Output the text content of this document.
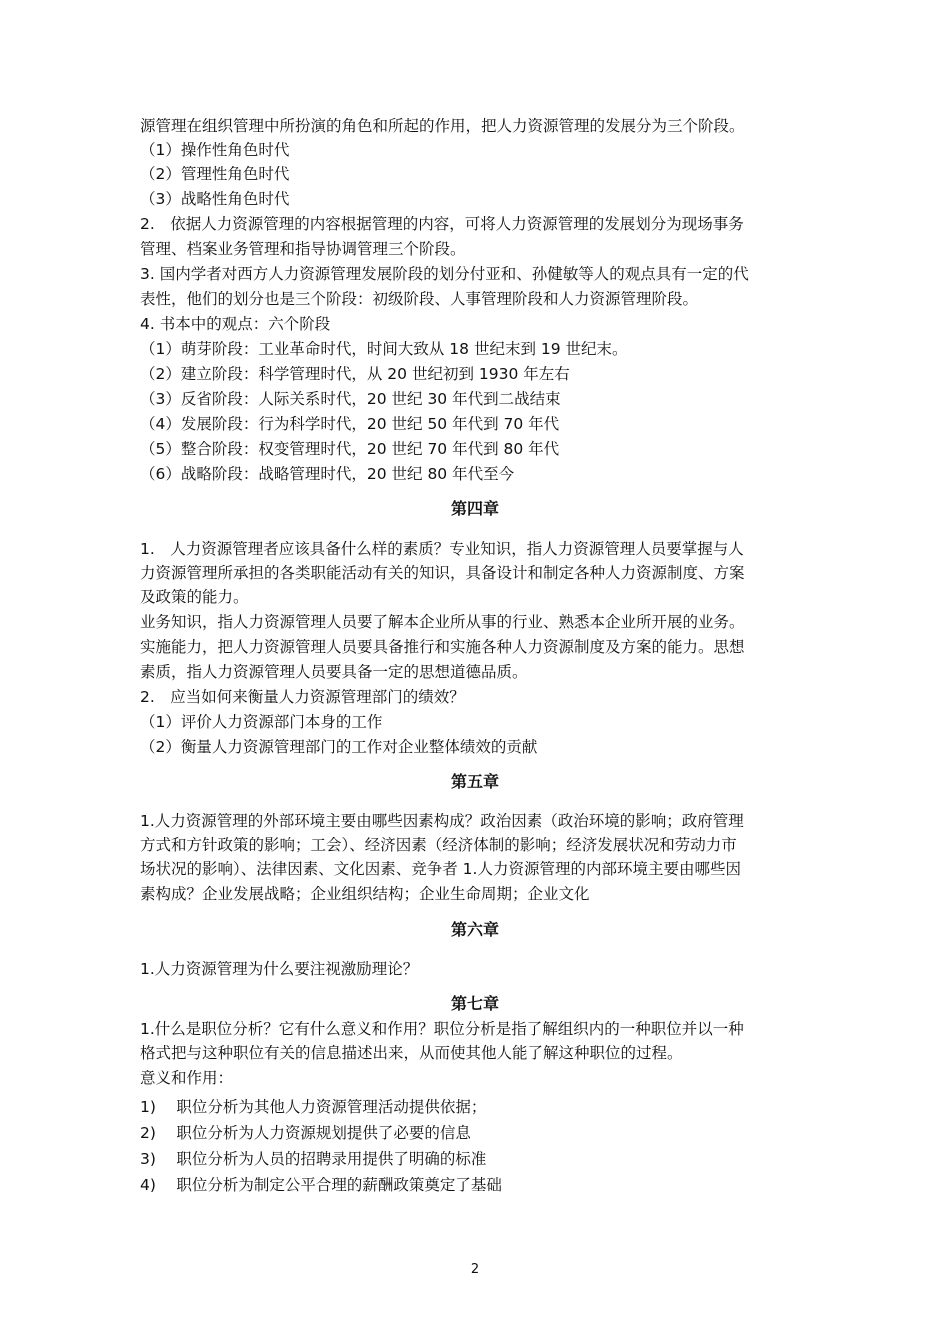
源管理在组织管理中所扮演的角色和所起的作用，把人力资源管理的发展分为三个阶段。
（1）操作性角色时代
（2）管理性角色时代
（3）战略性角色时代
2.　依据人力资源管理的内容根据管理的内容，可将人力资源管理的发展划分为现场事务
管理、档案业务管理和指导协调管理三个阶段。
3. 国内学者对西方人力资源管理发展阶段的划分付亚和、孙健敏等人的观点具有一定的代
表性，他们的划分也是三个阶段：初级阶段、人事管理阶段和人力资源管理阶段。
4. 书本中的观点：六个阶段
（1）萌芽阶段：工业革命时代，时间大致从 18 世纪末到 19 世纪末。
（2）建立阶段：科学管理时代，从 20 世纪初到 1930 年左右
（3）反省阶段：人际关系时代，20 世纪 30 年代到二战结束
（4）发展阶段：行为科学时代，20 世纪 50 年代到 70 年代
（5）整合阶段：权变管理时代，20 世纪 70 年代到 80 年代
（6）战略阶段：战略管理时代，20 世纪 80 年代至今
第四章
1.　人力资源管理者应该具备什么样的素质？专业知识，指人力资源管理人员要掌握与人
力资源管理所承担的各类职能活动有关的知识，具备设计和制定各种人力资源制度、方案
及政策的能力。
业务知识，指人力资源管理人员要了解本企业所从事的行业、熟悉本企业所开展的业务。
实施能力，把人力资源管理人员要具备推行和实施各种人力资源制度及方案的能力。思想
素质，指人力资源管理人员要具备一定的思想道德品质。
2.　应当如何来衡量人力资源管理部门的绩效？
（1）评价人力资源部门本身的工作
（2）衡量人力资源管理部门的工作对企业整体绩效的贡献
第五章
1.人力资源管理的外部环境主要由哪些因素构成？政治因素（政治环境的影响；政府管理
方式和方针政策的影响；工会）、经济因素（经济体制的影响；经济发展状况和劳动力市
场状况的影响）、法律因素、文化因素、竞争者 1.人力资源管理的内部环境主要由哪些因
素构成？企业发展战略；企业组织结构；企业生命周期；企业文化
第六章
1.人力资源管理为什么要注视激励理论？
第七章
1.什么是职位分析？它有什么意义和作用？职位分析是指了解组织内的一种职位并以一种
格式把与这种职位有关的信息描述出来，从而使其他人能了解这种职位的过程。
意义和作用：
1)　 职位分析为其他人力资源管理活动提供依据；
2)　 职位分析为人力资源规划提供了必要的信息
3)　 职位分析为人员的招聘录用提供了明确的标准
4)　 职位分析为制定公平合理的薪酬政策奠定了基础
2
